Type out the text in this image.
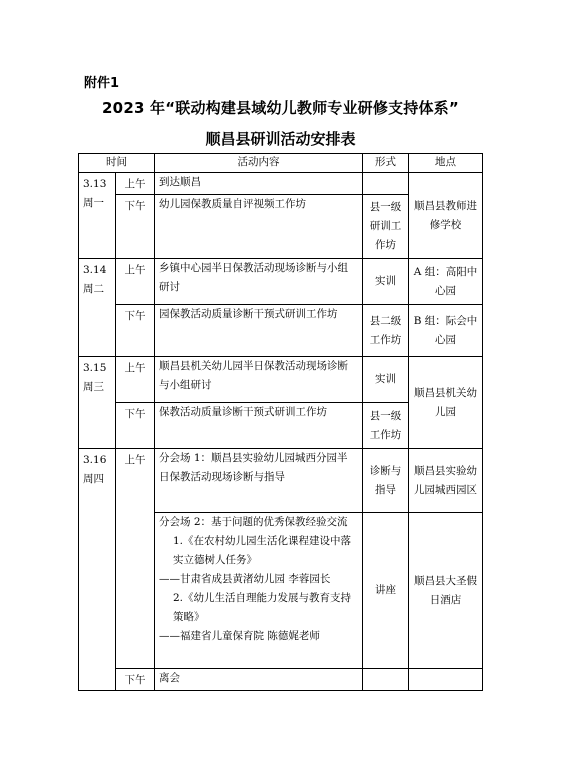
附件1
2023 年“联动构建县域幼儿教师专业研修支持体系”
顺昌县研训活动安排表
时间		活动内容	形式	地点

3.13
周一	上午	到达顺昌		顺昌县教师进修学校
	下午	幼儿园保教质量自评视频工作坊	县一级研训工作坊	

3.14
周二	上午	乡镇中心园半日保教活动现场诊断与小组研讨	实训	A 组：高阳中心园
	下午	园保教活动质量诊断干预式研训工作坊	县二级工作坊	B 组：际会中心园

3.15
周三	上午	顺昌县机关幼儿园半日保教活动现场诊断与小组研讨	实训	顺昌县机关幼儿园
	下午	保教活动质量诊断干预式研训工作坊	县一级工作坊	

3.16
周四	上午	分会场 1：顺昌县实验幼儿园城西分园半日保教活动现场诊断与指导	诊断与指导	顺昌县实验幼儿园城西园区

		分会场 2：基于问题的优秀保教经验交流
1.《在农村幼儿园生活化课程建设中落实立德树人任务》
——甘肃省成县黄渚幼儿园 李蓉园长
2.《幼儿生活自理能力发展与教育支持策略》
——福建省儿童保育院 陈德娓老师	讲座	顺昌县大圣假日酒店
	下午	离会		
